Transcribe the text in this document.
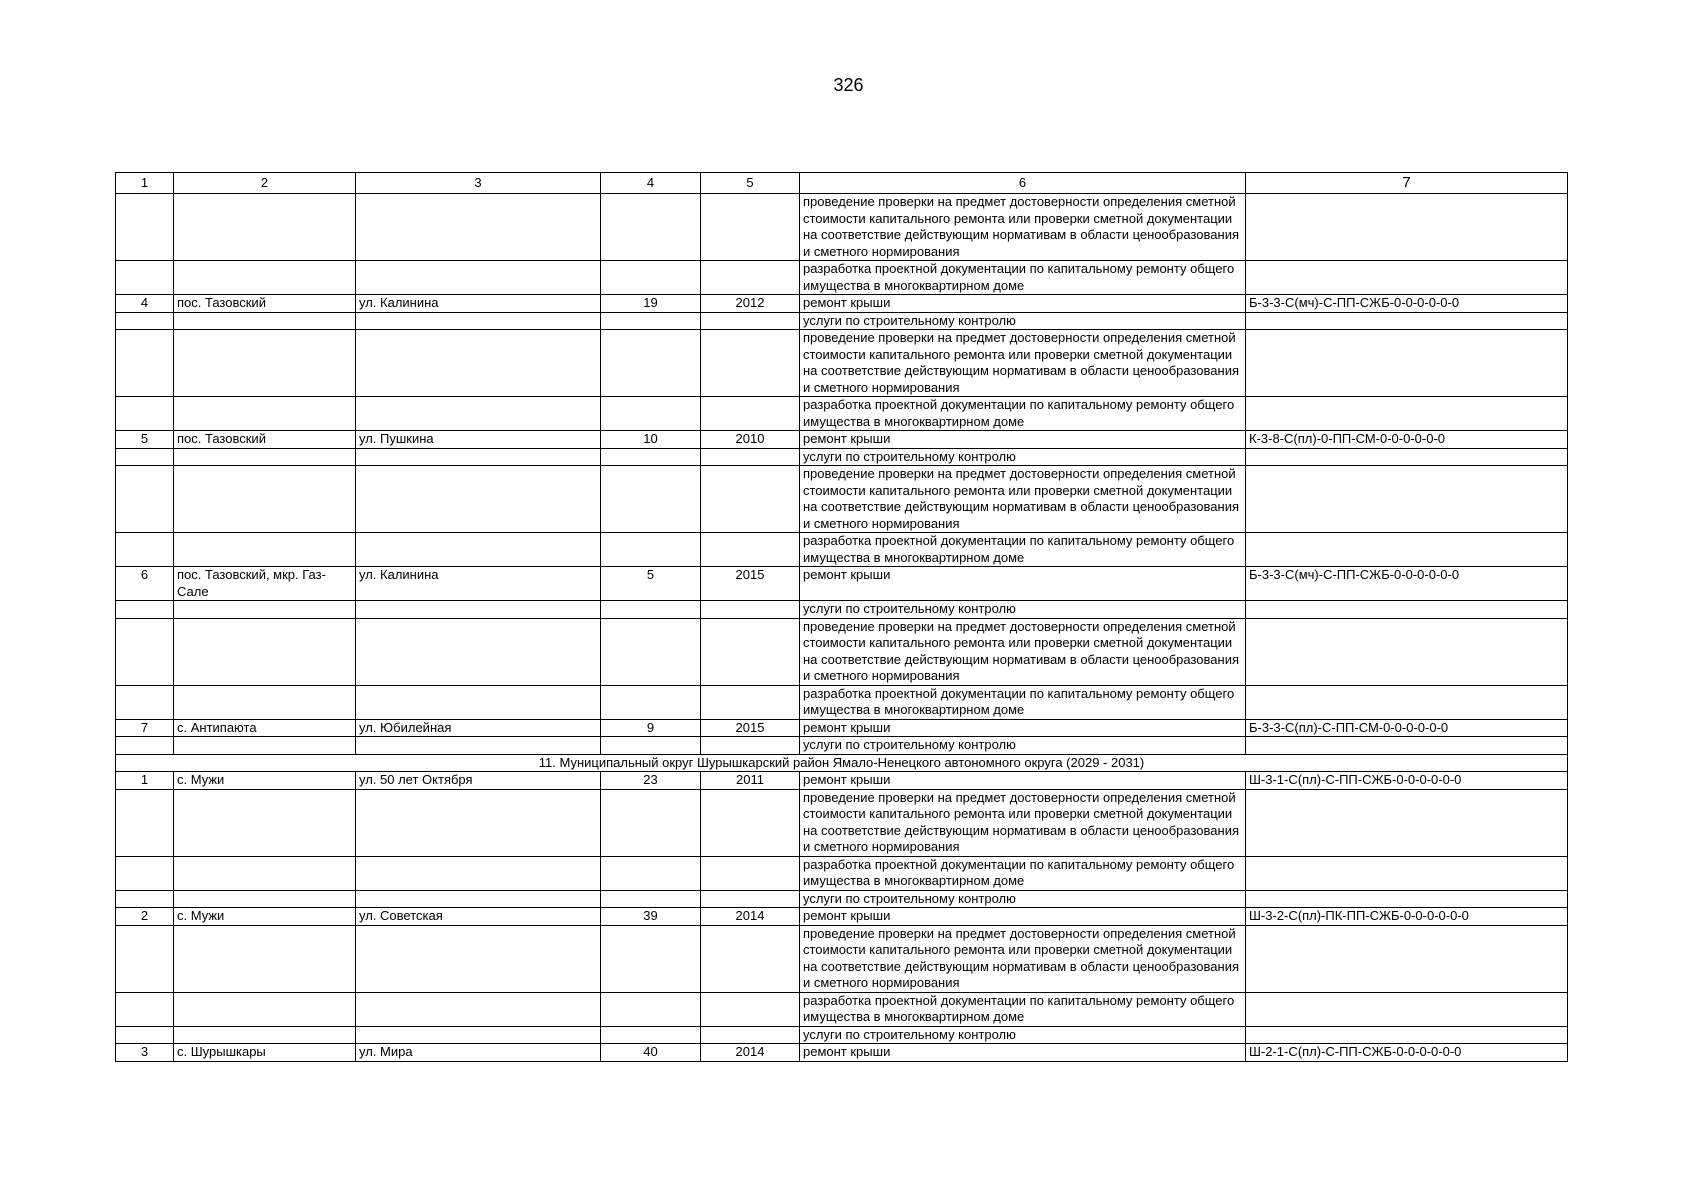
326
1	2	3	4	5	6	7
					проведение проверки на предмет достоверности определения сметной стоимости капитального ремонта или проверки сметной документации на соответствие действующим нормативам в области ценообразования и сметного нормирования	
					разработка проектной документации по капитальному ремонту общего имущества в многоквартирном доме	
4	пос. Тазовский	ул. Калинина	19	2012	ремонт крыши	Б-3-3-С(мч)-С-ПП-СЖБ-0-0-0-0-0-0
					услуги по строительному контролю	
					проведение проверки на предмет достоверности определения сметной стоимости капитального ремонта или проверки сметной документации на соответствие действующим нормативам в области ценообразования и сметного нормирования	
					разработка проектной документации по капитальному ремонту общего имущества в многоквартирном доме	
5	пос. Тазовский	ул. Пушкина	10	2010	ремонт крыши	К-3-8-С(пл)-0-ПП-СМ-0-0-0-0-0-0
					услуги по строительному контролю	
					проведение проверки на предмет достоверности определения сметной стоимости капитального ремонта или проверки сметной документации на соответствие действующим нормативам в области ценообразования и сметного нормирования	
					разработка проектной документации по капитальному ремонту общего имущества в многоквартирном доме	
6	пос. Тазовский, мкр. Газ-Сале	ул. Калинина	5	2015	ремонт крыши	Б-3-3-С(мч)-С-ПП-СЖБ-0-0-0-0-0-0
					услуги по строительному контролю	
					проведение проверки на предмет достоверности определения сметной стоимости капитального ремонта или проверки сметной документации на соответствие действующим нормативам в области ценообразования и сметного нормирования	
					разработка проектной документации по капитальному ремонту общего имущества в многоквартирном доме	
7	с. Антипаюта	ул. Юбилейная	9	2015	ремонт крыши	Б-3-3-С(пл)-С-ПП-СМ-0-0-0-0-0-0
					услуги по строительному контролю	
11. Муниципальный округ Шурышкарский район Ямало-Ненецкого автономного округа (2029 - 2031)						
1	с. Мужи	ул. 50 лет Октября	23	2011	ремонт крыши	Ш-3-1-С(пл)-С-ПП-СЖБ-0-0-0-0-0-0
					проведение проверки на предмет достоверности определения сметной стоимости капитального ремонта или проверки сметной документации на соответствие действующим нормативам в области ценообразования и сметного нормирования	
					разработка проектной документации по капитальному ремонту общего имущества в многоквартирном доме	
					услуги по строительному контролю	
2	с. Мужи	ул. Советская	39	2014	ремонт крыши	Ш-3-2-С(пл)-ПК-ПП-СЖБ-0-0-0-0-0-0
					проведение проверки на предмет достоверности определения сметной стоимости капитального ремонта или проверки сметной документации на соответствие действующим нормативам в области ценообразования и сметного нормирования	
					разработка проектной документации по капитальному ремонту общего имущества в многоквартирном доме	
					услуги по строительному контролю	
3	с. Шурышкары	ул. Мира	40	2014	ремонт крыши	Ш-2-1-С(пл)-С-ПП-СЖБ-0-0-0-0-0-0
